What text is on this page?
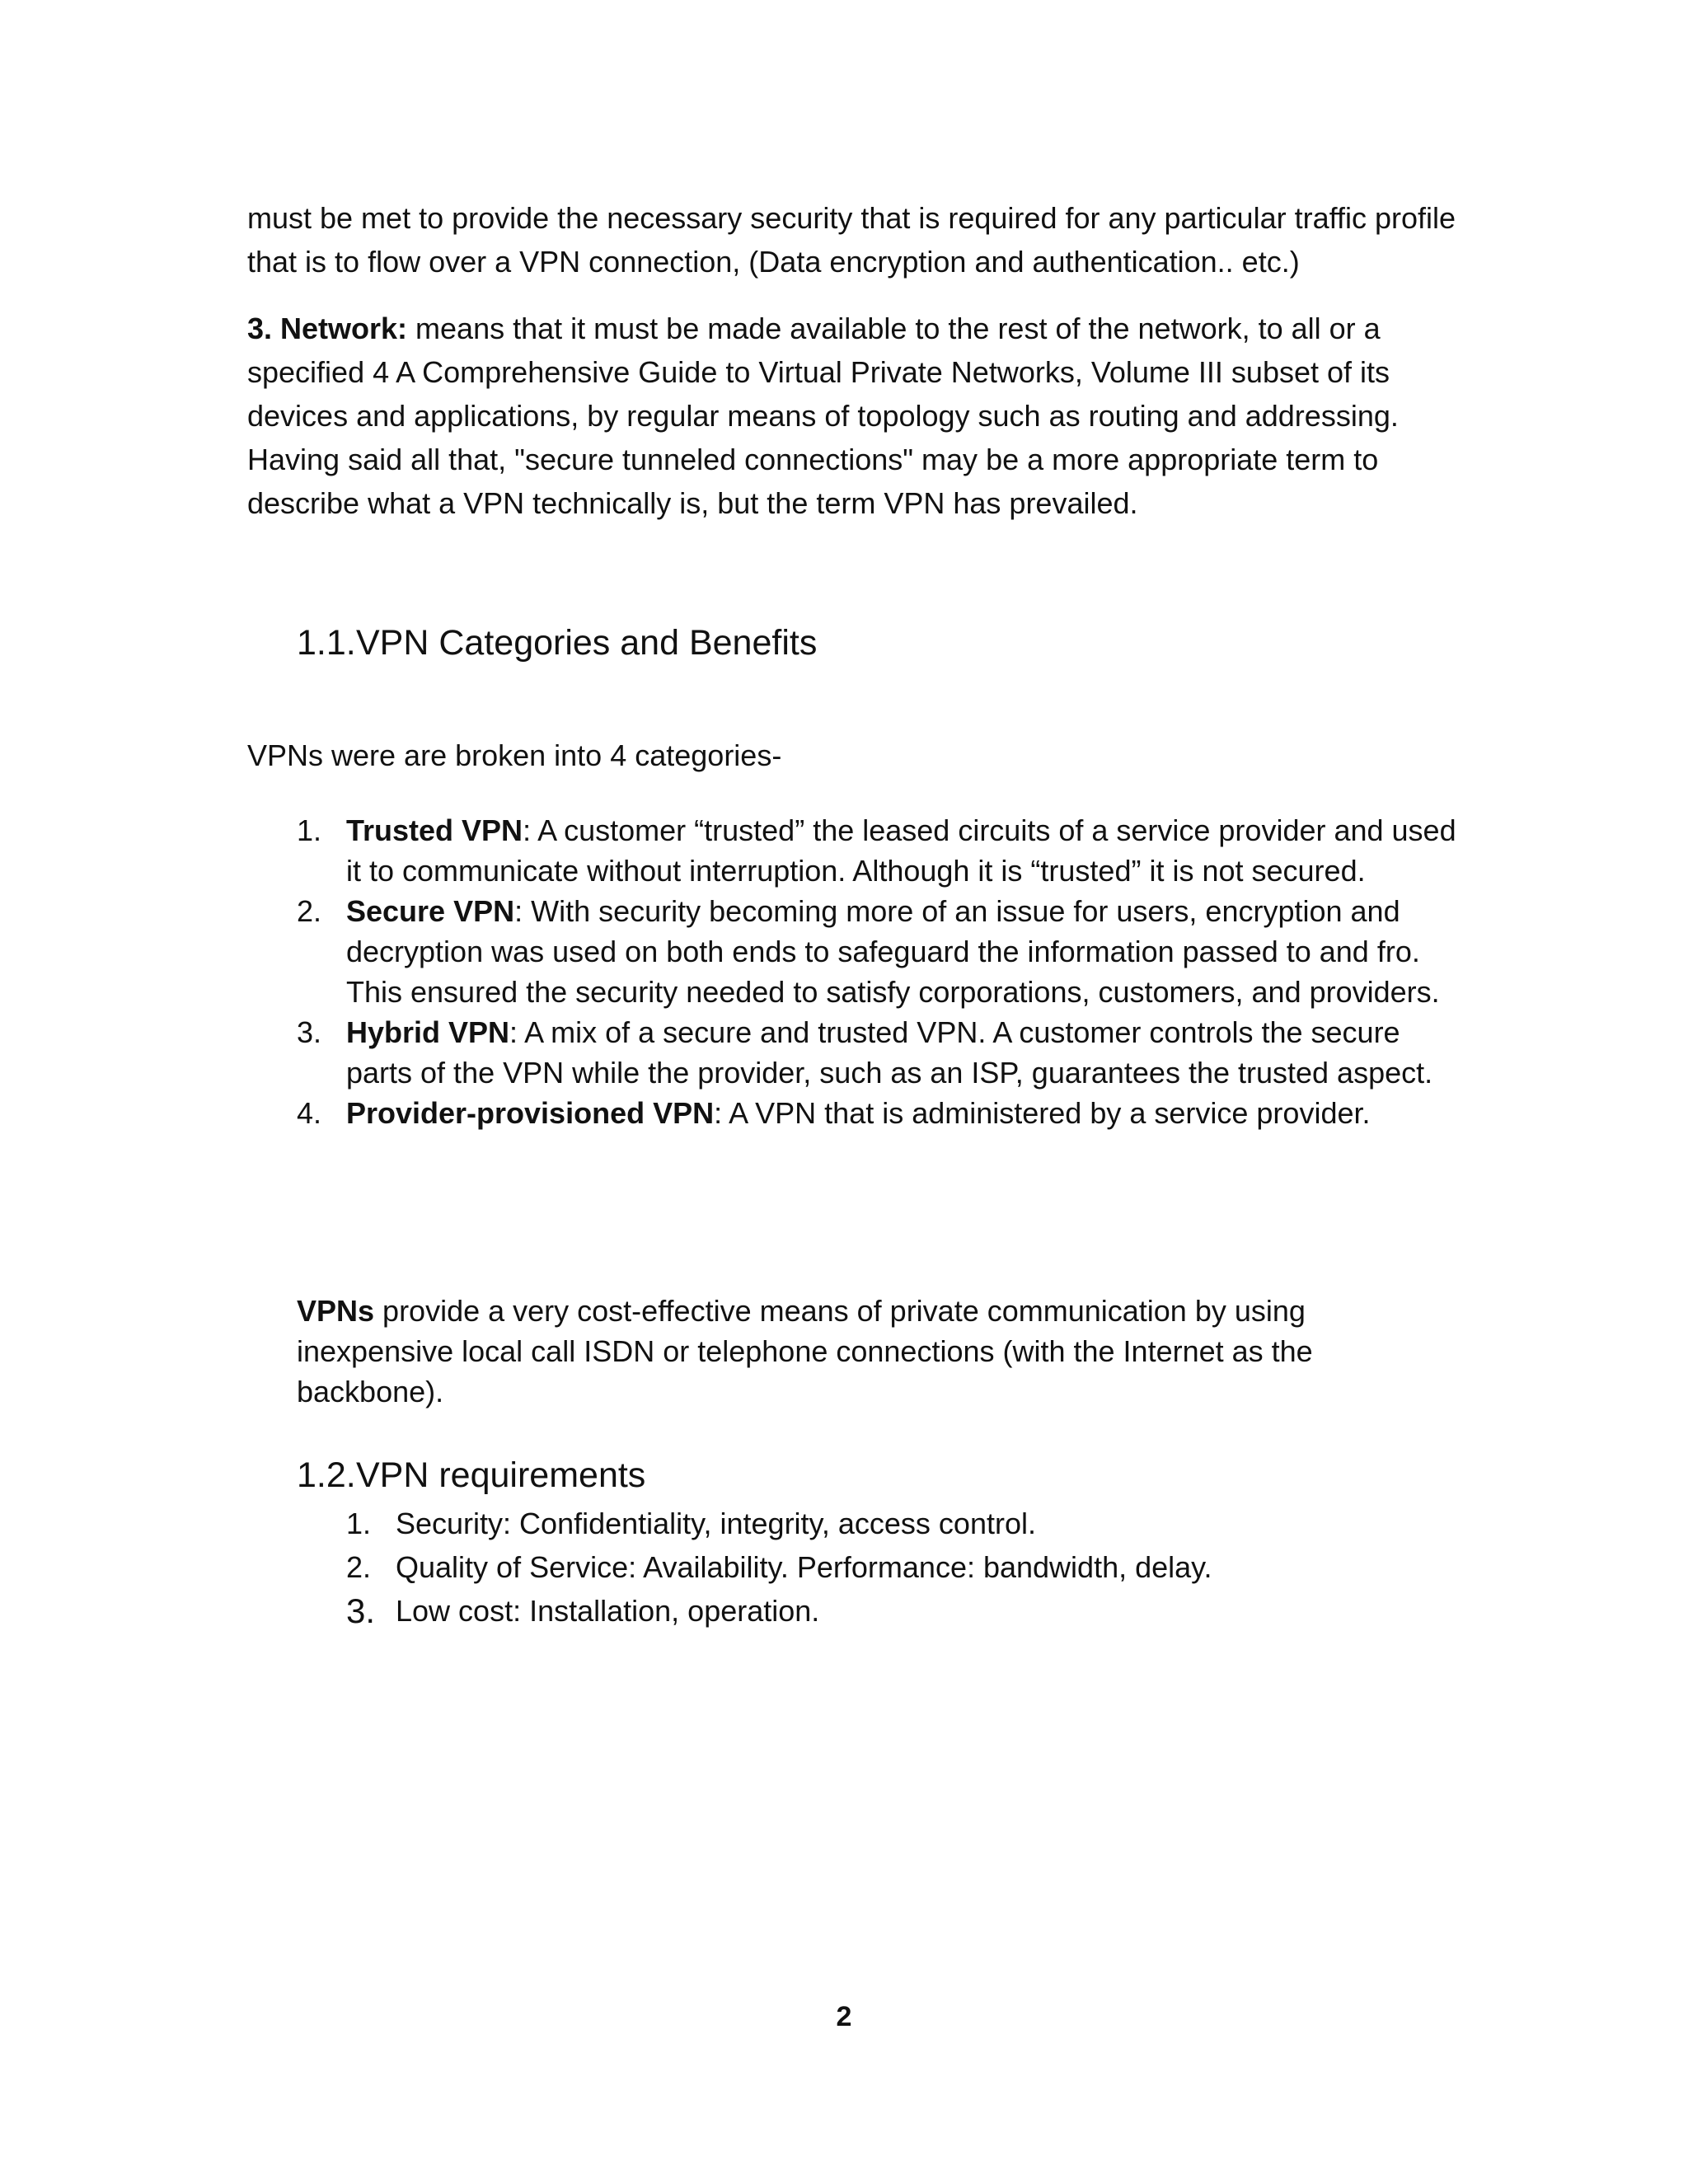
must be met to provide the necessary security that is required for any particular traffic profile that is to flow over a VPN connection, (Data encryption and authentication.. etc.)

3. Network: means that it must be made available to the rest of the network, to all or a specified 4 A Comprehensive Guide to Virtual Private Networks, Volume III subset of its devices and applications, by regular means of topology such as routing and addressing. Having said all that, "secure tunneled connections" may be a more appropriate term to describe what a VPN technically is, but the term VPN has prevailed.

1.1.VPN Categories and Benefits

VPNs were are broken into 4 categories-

1. Trusted VPN: A customer “trusted” the leased circuits of a service provider and used it to communicate without interruption. Although it is “trusted” it is not secured.
2. Secure VPN: With security becoming more of an issue for users, encryption and decryption was used on both ends to safeguard the information passed to and fro. This ensured the security needed to satisfy corporations, customers, and providers.
3. Hybrid VPN: A mix of a secure and trusted VPN. A customer controls the secure parts of the VPN while the provider, such as an ISP, guarantees the trusted aspect.
4. Provider-provisioned VPN: A VPN that is administered by a service provider.

VPNs provide a very cost-effective means of private communication by using inexpensive local call ISDN or telephone connections (with the Internet as the backbone).

1.2.VPN requirements
1. Security: Confidentiality, integrity, access control.
2. Quality of Service: Availability. Performance: bandwidth, delay.
3. Low cost: Installation, operation.

2
